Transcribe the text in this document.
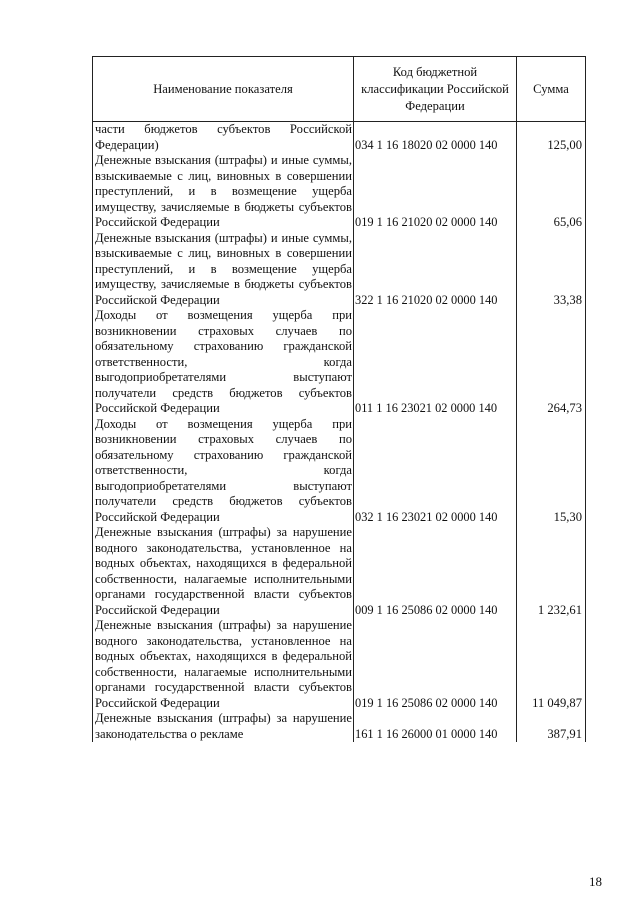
Наименование показателя	Код бюджетной классификации Российской Федерации	Сумма
части бюджетов субъектов Российской Федерации)	034 1 16 18020 02 0000 140	125,00
Денежные взыскания (штрафы) и иные суммы, взыскиваемые с лиц, виновных в совершении преступлений, и в возмещение ущерба имуществу, зачисляемые в бюджеты субъектов Российской Федерации	019 1 16 21020 02 0000 140	65,06
Денежные взыскания (штрафы) и иные суммы, взыскиваемые с лиц, виновных в совершении преступлений, и в возмещение ущерба имуществу, зачисляемые в бюджеты субъектов Российской Федерации	322 1 16 21020 02 0000 140	33,38
Доходы от возмещения ущерба при возникновении страховых случаев по обязательному страхованию гражданской ответственности, когда выгодоприобретателями выступают получатели средств бюджетов субъектов Российской Федерации	011 1 16 23021 02 0000 140	264,73
Доходы от возмещения ущерба при возникновении страховых случаев по обязательному страхованию гражданской ответственности, когда выгодоприобретателями выступают получатели средств бюджетов субъектов Российской Федерации	032 1 16 23021 02 0000 140	15,30
Денежные взыскания (штрафы) за нарушение водного законодательства, установленное на водных объектах, находящихся в федеральной собственности, налагаемые исполнительными органами государственной власти субъектов Российской Федерации	009 1 16 25086 02 0000 140	1 232,61
Денежные взыскания (штрафы) за нарушение водного законодательства, установленное на водных объектах, находящихся в федеральной собственности, налагаемые исполнительными органами государственной власти субъектов Российской Федерации	019 1 16 25086 02 0000 140	11 049,87
Денежные взыскания (штрафы) за нарушение законодательства о рекламе	161 1 16 26000 01 0000 140	387,91
18
